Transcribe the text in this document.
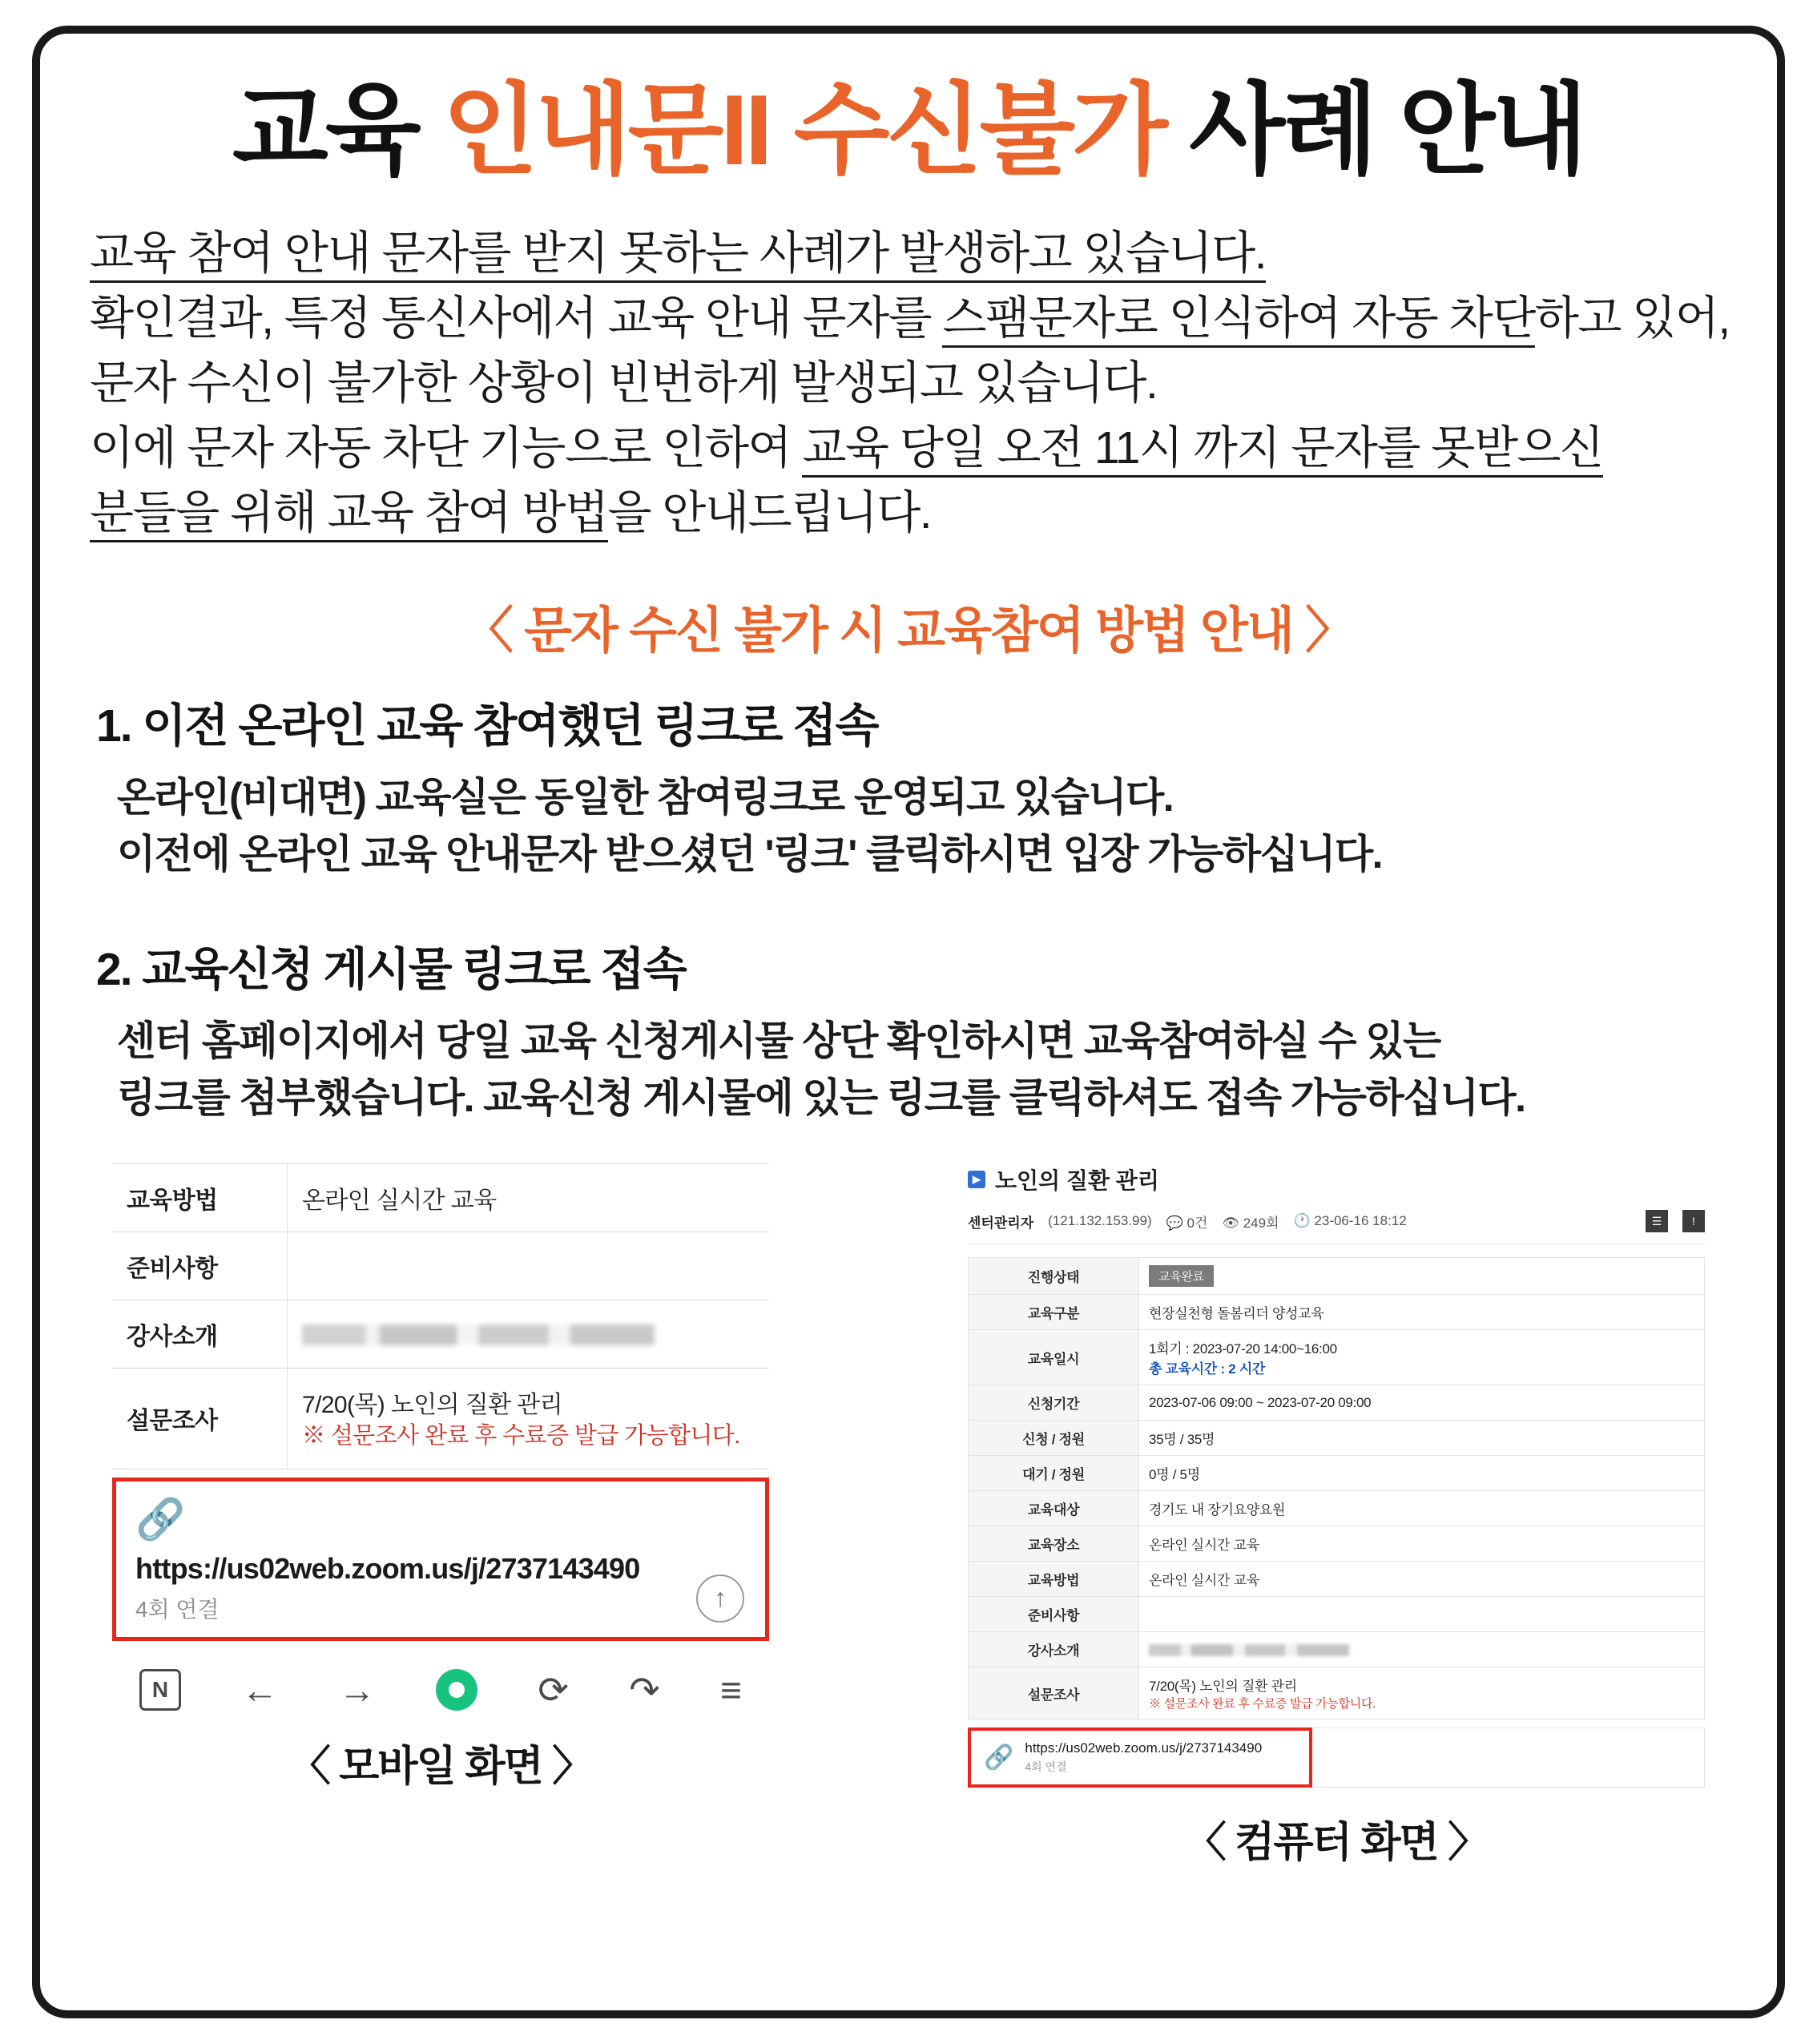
교육 인내문II 수신불가 사례 안내
교육 참여 안내 문자를 받지 못하는 사례가 발생하고 있습니다.
확인결과, 특정 통신사에서 교육 안내 문자를 스팸문자로 인식하여 자동 차단하고 있어,
문자 수신이 불가한 상황이 빈번하게 발생되고 있습니다.
이에 문자 자동 차단 기능으로 인하여 교육 당일 오전 11시 까지 문자를 못받으신
분들을 위해 교육 참여 방법을 안내드립니다.
〈 문자 수신 불가 시 교육참여 방법 안내 〉
1. 이전 온라인 교육 참여했던 링크로 접속
온라인(비대면) 교육실은 동일한 참여링크로 운영되고 있습니다.
이전에 온라인 교육 안내문자 받으셨던 '링크' 클릭하시면 입장 가능하십니다.
2. 교육신청 게시물 링크로 접속
센터 홈페이지에서 당일 교육 신청게시물 상단 확인하시면 교육참여하실 수 있는
링크를 첨부했습니다. 교육신청 게시물에 있는 링크를 클릭하셔도 접속 가능하십니다.
교육방법	온라인 실시간 교육
준비사항	
강사소개	
설문조사	7/20(목) 노인의 질환 관리
※ 설문조사 완료 후 수료증 발급 가능합니다.
🔗
https://us02web.zoom.us/j/2737143490
4회 연결	↑
N	← →	⟳ ↷ ≡
〈 모바일 화면 〉
▶ 노인의 질환 관리
센터관리자 (121.132.153.99) 💬 0건 👁 249회 🕐 23-06-16 18:12	☰	!
진행상태	교육완료
교육구분	현장실천형 돌봄리더 양성교육
교육일시	1회기 : 2023-07-20 14:00~16:00
총 교육시간 : 2 시간

신청기간	2023-07-06 09:00 ~ 2023-07-20 09:00
신청 / 정원	35명 / 35명
대기 / 정원	0명 / 5명
교육대상	경기도 내 장기요양요원
교육장소	온라인 실시간 교육
교육방법	온라인 실시간 교육
준비사항	
강사소개	
설문조사	7/20(목) 노인의 질환 관리
※ 설문조사 완료 후 수료증 발급 가능합니다.
🔗 https://us02web.zoom.us/j/2737143490
4회 연결
〈 컴퓨터 화면 〉
